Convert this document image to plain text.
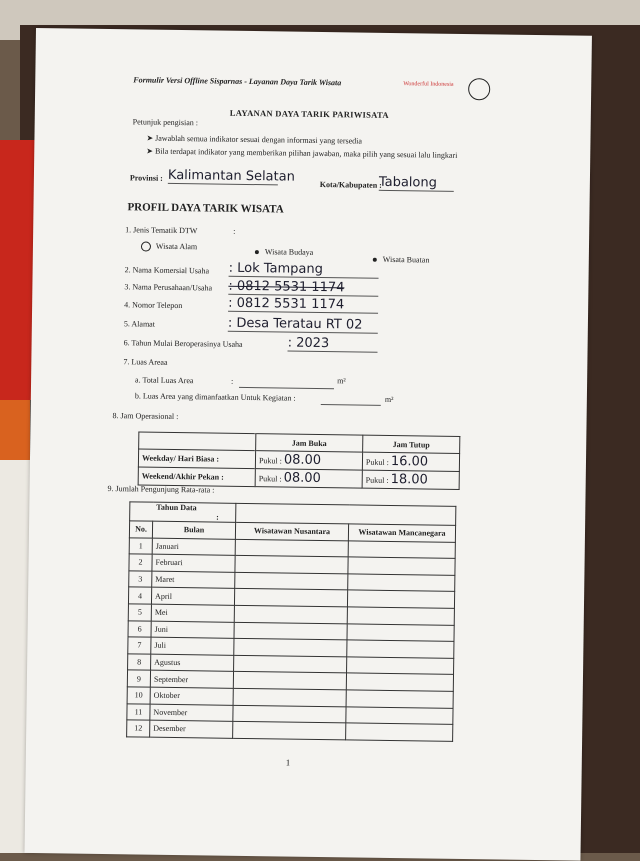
Formulir Versi Offline Sisparnas - Layanan Daya Tarik Wisata	Wonderful Indonesia
LAYANAN DAYA TARIK PARIWISATA
Petunjuk pengisian :
➤ Jawablah semua indikator sesuai dengan informasi yang tersedia
➤ Bila terdapat indikator yang memberikan pilihan jawaban, maka pilih yang sesuai lalu lingkari
Provinsi : Kalimantan Selatan
Kota/Kabupaten :
Tabalong
PROFIL DAYA TARIK WISATA
1. Jenis Tematik DTW	:
Wisata Alam
Wisata Budaya
Wisata Buatan
2. Nama Komersial Usaha : Lok Tampang
3. Nama Perusahaan/Usaha : 0812 5531 1174
4. Nomor Telepon	: 0812 5531 1174
5. Alamat	: Desa Teratau RT 02
6. Tahun Mulai Beroperasinya Usaha	: 2023
7. Luas Areaa
a. Total Luas Area	:	m²
b. Luas Area yang dimanfaatkan Untuk Kegiatan :	m²
8. Jam Operasional :
	Jam Buka	Jam Tutup
Weekday/ Hari Biasa :	Pukul : 08.00	Pukul : 16.00
Weekend/Akhir Pekan :	Pukul : 08.00	Pukul : 18.00
9. Jumlah Pengunjung Rata-rata :
Tahun Data :			
No.	Bulan	Wisatawan Nusantara	Wisatawan Mancanegara
1	Januari		
2	Februari		
3	Maret		
4	April		
5	Mei		
6	Juni		
7	Juli		
8	Agustus		
9	September		
10	Oktober		
11	November		
12	Desember		
1
